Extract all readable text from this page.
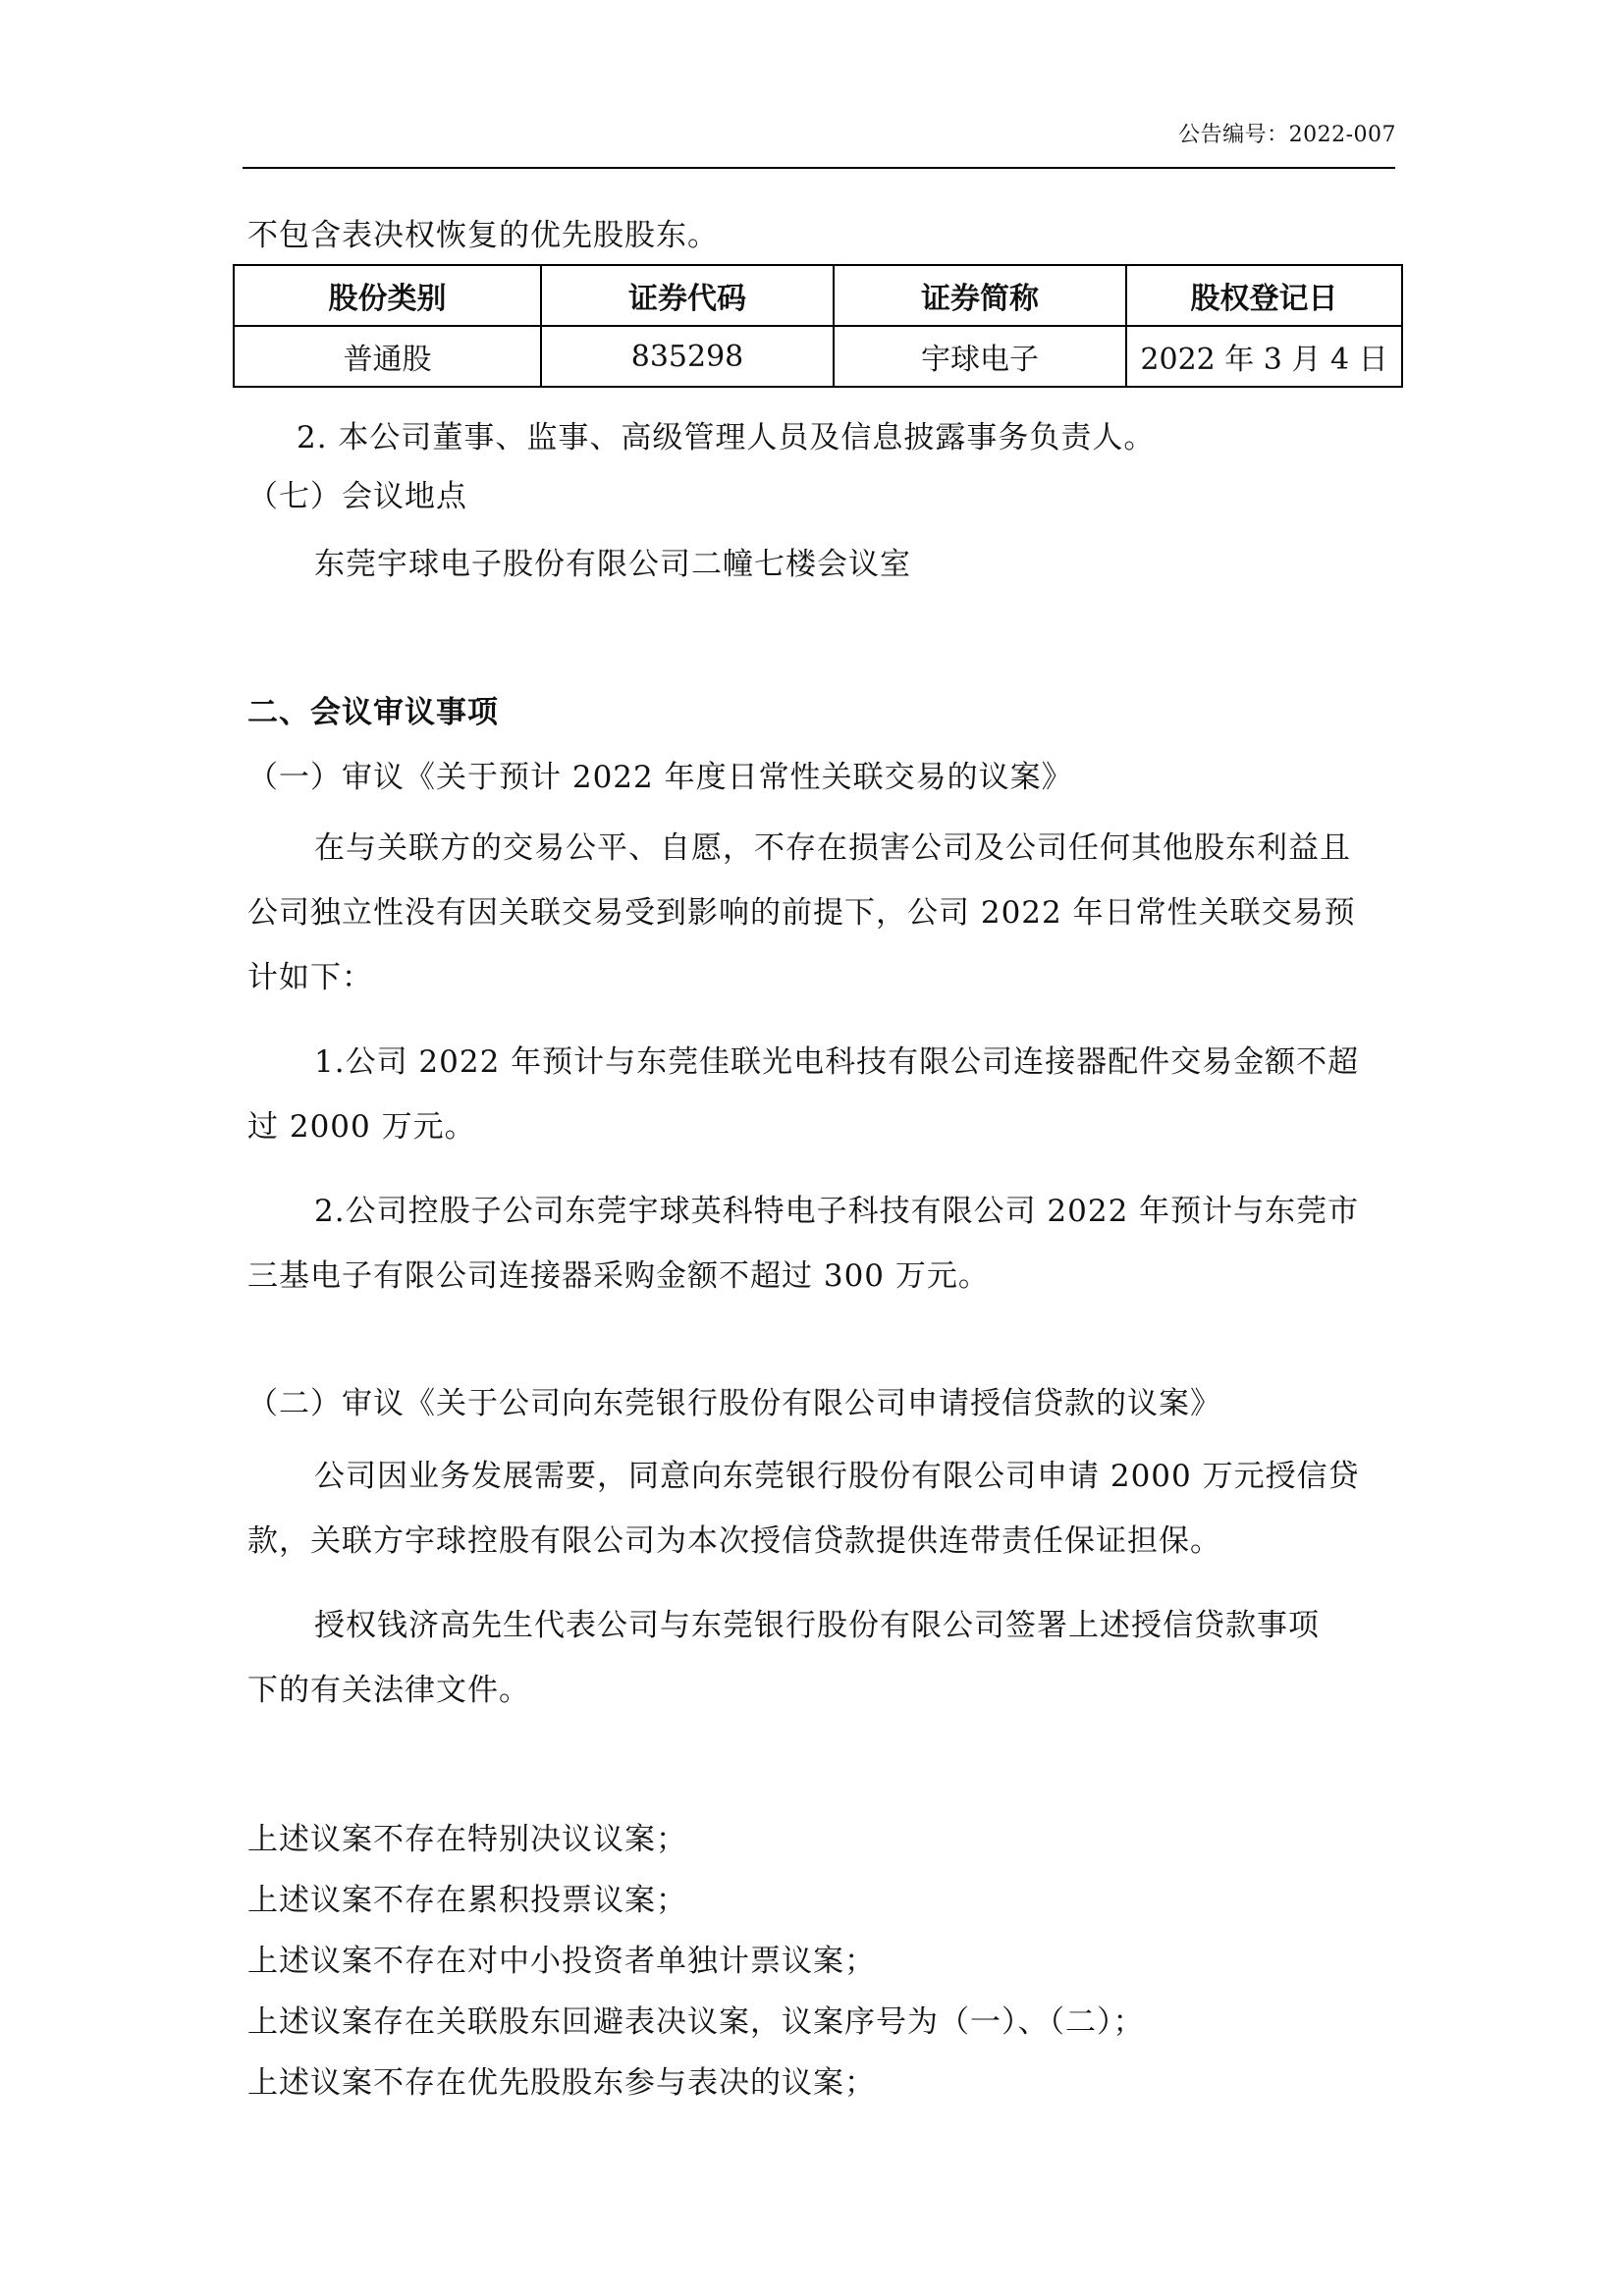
公告编号：2022-007
不包含表决权恢复的优先股股东。
股份类别	证券代码	证券简称	股权登记日
普通股	835298	宇球电子	2022 年 3 月 4 日
2. 本公司董事、监事、高级管理人员及信息披露事务负责人。
（七）会议地点
东莞宇球电子股份有限公司二幢七楼会议室
二、会议审议事项
（一）审议《关于预计 2022 年度日常性关联交易的议案》
在与关联方的交易公平、自愿，不存在损害公司及公司任何其他股东利益且
公司独立性没有因关联交易受到影响的前提下，公司 2022 年日常性关联交易预
计如下：
1.公司 2022 年预计与东莞佳联光电科技有限公司连接器配件交易金额不超
过 2000 万元。
2.公司控股子公司东莞宇球英科特电子科技有限公司 2022 年预计与东莞市
三基电子有限公司连接器采购金额不超过 300 万元。
（二）审议《关于公司向东莞银行股份有限公司申请授信贷款的议案》
公司因业务发展需要，同意向东莞银行股份有限公司申请 2000 万元授信贷
款，关联方宇球控股有限公司为本次授信贷款提供连带责任保证担保。
授权钱济高先生代表公司与东莞银行股份有限公司签署上述授信贷款事项
下的有关法律文件。
上述议案不存在特别决议议案；
上述议案不存在累积投票议案；
上述议案不存在对中小投资者单独计票议案；
上述议案存在关联股东回避表决议案，议案序号为（一）、（二）；
上述议案不存在优先股股东参与表决的议案；
